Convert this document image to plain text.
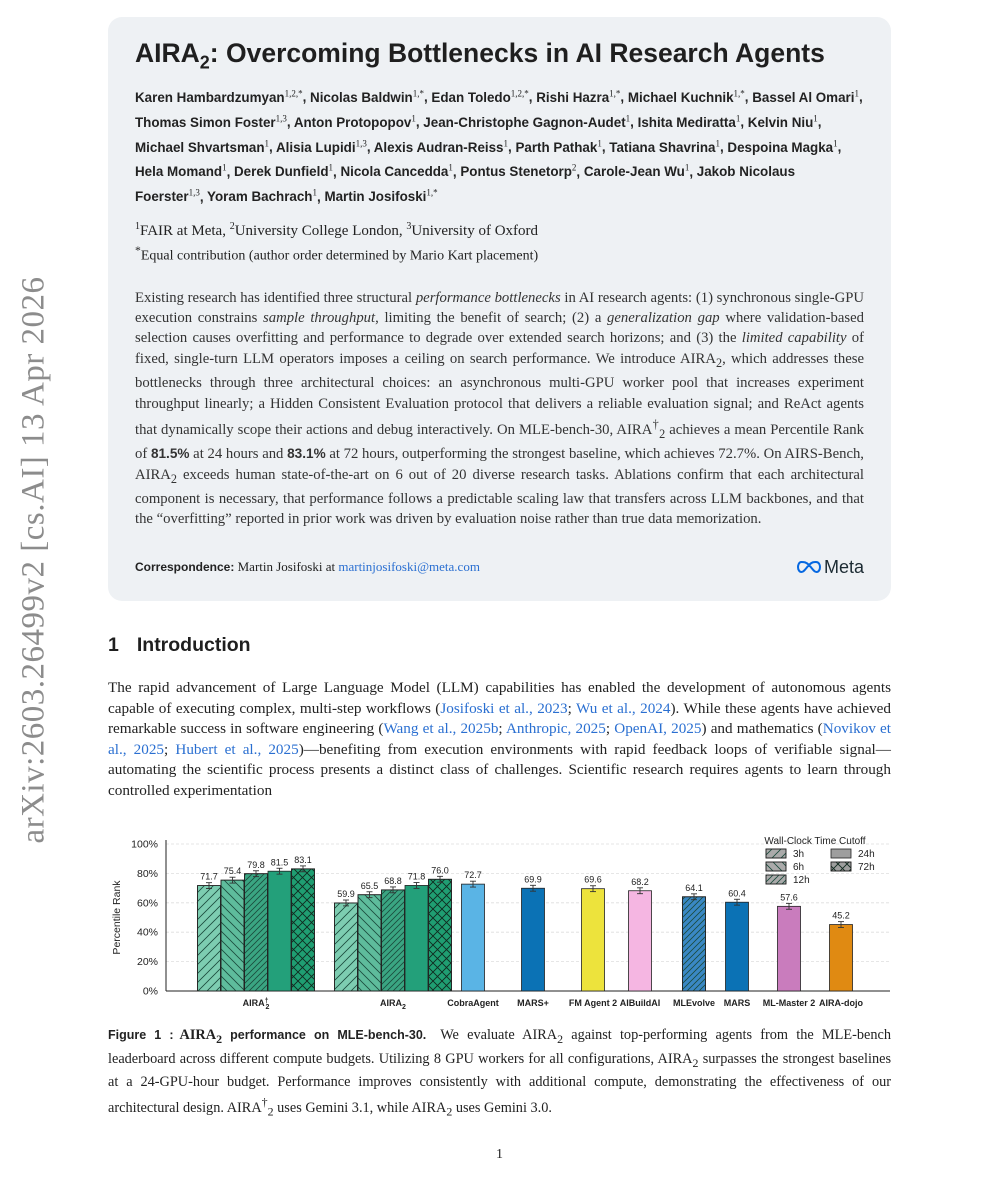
arXiv:2603.26499v2 [cs.AI] 13 Apr 2026
$AIRA_2$: Overcoming Bottlenecks in AI Research Agents
Karen Hambardzumyan$^{1,2,*}$, Nicolas Baldwin$^{1,*}$, Edan Toledo$^{1,2,*}$, Rishi Hazra$^{1,*}$, Michael Kuchnik$^{1,*}$, Bassel Al Omari$^1$, Thomas Simon Foster$^{1,3}$, Anton Protopopov$^1$, Jean-Christophe Gagnon-Audet$^1$, Ishita Mediratta$^1$, Kelvin Niu$^1$, Michael Shvartsman$^1$, Alisia Lupidi$^{1,3}$, Alexis Audran-Reiss$^1$, Parth Pathak$^1$, Tatiana Shavrina$^1$, Despoina Magka$^1$, Hela Momand$^1$, Derek Dunfield$^1$, Nicola Cancedda$^1$, Pontus Stenetorp$^2$, Carole-Jean Wu$^1$, Jakob Nicolaus Foerster$^{1,3}$, Yoram Bachrach$^1$, Martin Josifoski$^{1,*}$
$^1$FAIR at Meta, $^2$University College London, $^3$University of Oxford
*Equal contribution (author order determined by Mario Kart placement)
Existing research has identified three structural performance bottlenecks in AI research agents: (1) synchronous single-GPU execution constrains sample throughput, limiting the benefit of search; (2) a generalization gap where validation-based selection causes overfitting and performance to degrade over extended search horizons; and (3) the limited capability of fixed, single-turn LLM operators imposes a ceiling on search performance. We introduce $AIRA_2$, which addresses these bottlenecks through three architectural choices: an asynchronous multi-GPU worker pool that increases experiment throughput linearly; a Hidden Consistent Evaluation protocol that delivers a reliable evaluation signal; and ReAct agents that dynamically scope their actions and debug interactively. On MLE-bench-30, $AIRA^\dagger_2$ achieves a mean Percentile Rank of 81.5% at 24 hours and 83.1% at 72 hours, outperforming the strongest baseline, which achieves 72.7%. On AIRS-Bench, $AIRA_2$ exceeds human state-of-the-art on 6 out of 20 diverse research tasks. Ablations confirm that each architectural component is necessary, that performance follows a predictable scaling law that transfers across LLM backbones, and that the “overfitting” reported in prior work was driven by evaluation noise rather than true data memorization.
Correspondence: Martin Josifoski at martinjosifoski@meta.com	Meta
1 Introduction
The rapid advancement of Large Language Model (LLM) capabilities has enabled the development of autonomous agents capable of executing complex, multi-step workflows (Josifoski et al., 2023; Wu et al., 2024). While these agents have achieved remarkable success in software engineering (Wang et al., 2025b; Anthropic, 2025; OpenAI, 2025) and mathematics (Novikov et al., 2025; Hubert et al., 2025)—benefiting from execution environments with rapid feedback loops of verifiable signal—automating the scientific process presents a distinct class of challenges. Scientific research requires agents to learn through controlled experimentation
0%
20%
40%
60%
80%
100%
Percentile Rank
71.7
75.4
79.8 81.5 83.1
AIRA† 2
59.9
65.5 68.8 71.8
76.0
$AIRA_2$
72.7
CobraAgent
69.9
MARS+
69.6
FM Agent 2
68.2
AIBuildAI
64.1
MLEvolve
60.4
MARS
57.6
ML-Master 2
45.2
AIRA-dojo
Wall-Clock Time Cutoff
3h
6h
12h
24h
72h
Figure 1 : $AIRA_2$ performance on MLE-bench-30. We evaluate $AIRA_2$ against top-performing agents from the MLE-bench leaderboard across different compute budgets. Utilizing 8 GPU workers for all configurations, $AIRA_2$ surpasses the strongest baselines at a 24-GPU-hour budget. Performance improves consistently with additional compute, demonstrating the effectiveness of our architectural design. $AIRA^\dagger_2$ uses Gemini 3.1, while $AIRA_2$ uses Gemini 3.0.
1
